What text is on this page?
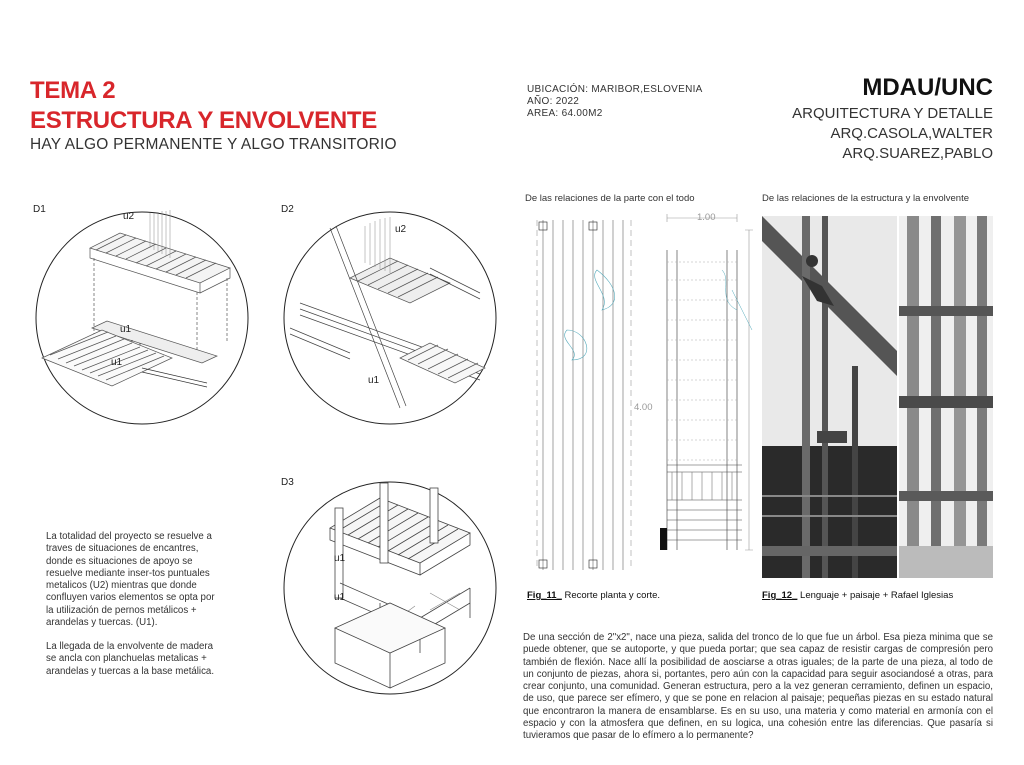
TEMA 2
ESTRUCTURA Y ENVOLVENTE
HAY ALGO PERMANENTE Y ALGO TRANSITORIO
UBICACIÓN: MARIBOR,ESLOVENIA
AÑO: 2022
AREA: 64.00M2
MDAU/UNC
ARQUITECTURA Y DETALLE
ARQ.CASOLA,WALTER
ARQ.SUAREZ,PABLO
D1	D2
D3
u2
u1
u1
u2
u1
u1
u1
La totalidad del proyecto se resuelve a traves de situaciones de encantres, donde es situaciones de apoyo se resuelve mediante inser-tos puntuales metalicos (U2) mientras que donde confluyen varios elementos se opta por la utilización de pernos metálicos + arandelas y tuercas. (U1).
La llegada de la envolvente de madera se ancla con planchuelas metalicas + arandelas y tuercas a la base metálica.
De las relaciones de la parte con el todo	De las relaciones de la estructura y la envolvente
1.00
4.00
Fig_11_ Recorte planta y corte.	Fig_12_ Lenguaje + paisaje + Rafael Iglesias
De una sección de 2"x2", nace una pieza, salida del tronco de lo que fue un árbol. Esa pieza minima que se puede obtener, que se autoporte, y que pueda portar; que sea capaz de resistir cargas de compresión pero también de flexión. Nace allí la posibilidad de aosciarse a otras iguales; de la parte de una pieza, al todo de un conjunto de piezas, ahora si, portantes, pero aún con la capacidad para seguir asociandosé a otras, para crear conjunto, una comunidad. Generan estructura, pero a la vez generan cerramiento, definen un espacio, de uso, que parece ser efímero, y que se pone en relacion al paisaje; pequeñas piezas en su estado natural que encontraron la manera de ensamblarse. Es en su uso, una materia y como material en armonía con el espacio y con la atmosfera que definen, en su logica, una cohesión entre las diferencias. Que pasaría si tuvieramos que pasar de lo efímero a lo permanente?
